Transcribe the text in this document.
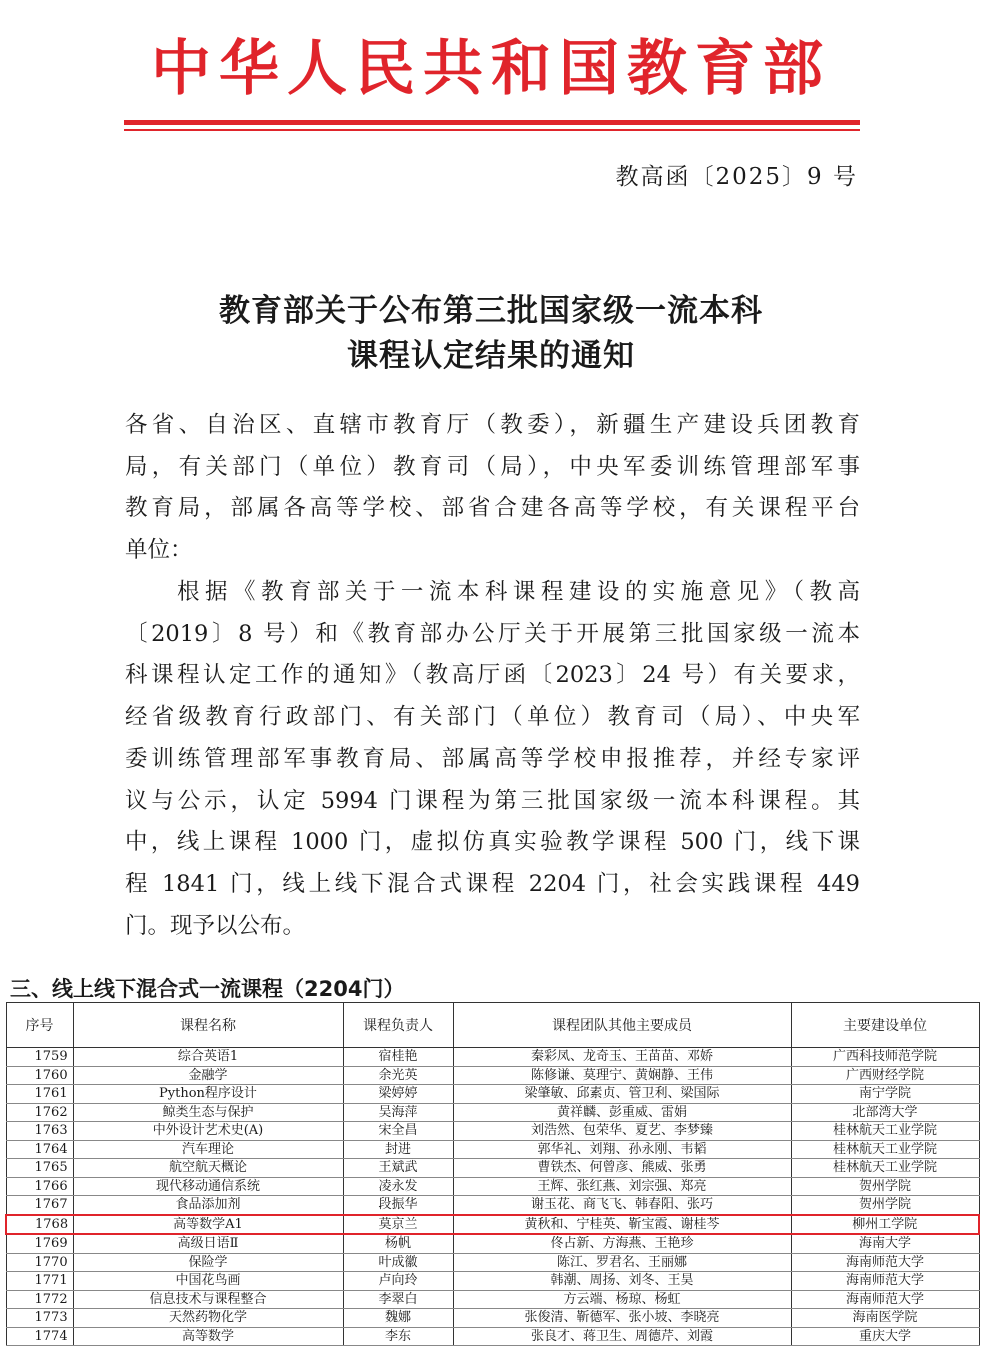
中华人民共和国教育部
教高函〔2025〕9 号
教育部关于公布第三批国家级一流本科
课程认定结果的通知
各省、自治区、直辖市教育厅（教委），新疆生产建设兵团教育
局，有关部门（单位）教育司（局），中央军委训练管理部军事
教育局，部属各高等学校、部省合建各高等学校，有关课程平台
单位：
根据《教育部关于一流本科课程建设的实施意见》（教高
〔2019〕8 号）和《教育部办公厅关于开展第三批国家级一流本
科课程认定工作的通知》（教高厅函〔2023〕24 号）有关要求，
经省级教育行政部门、有关部门（单位）教育司（局）、中央军
委训练管理部军事教育局、部属高等学校申报推荐，并经专家评
议与公示，认定 5994 门课程为第三批国家级一流本科课程。其
中，线上课程 1000 门，虚拟仿真实验教学课程 500 门，线下课
程 1841 门，线上线下混合式课程 2204 门，社会实践课程 449
门。现予以公布。
三、线上线下混合式一流课程（2204门）
序号	课程名称	课程负责人	课程团队其他主要成员	主要建设单位
1759	综合英语1	宿桂艳	秦彩凤、龙奇玉、王苗苗、邓娇	广西科技师范学院
1760	金融学	余光英	陈修谦、莫理宁、黄娴静、王伟	广西财经学院
1761	Python程序设计	梁婷婷	梁肇敏、邱素贞、管卫利、梁国际	南宁学院
1762	鲸类生态与保护	吴海萍	黄祥麟、彭重威、雷娟	北部湾大学
1763	中外设计艺术史(A)	宋全昌	刘浩然、包荣华、夏艺、李梦臻	桂林航天工业学院
1764	汽车理论	封进	郭华礼、刘翔、孙永刚、韦韬	桂林航天工业学院
1765	航空航天概论	王斌武	曹铁杰、何曾彦、熊威、张勇	桂林航天工业学院
1766	现代移动通信系统	凌永发	王辉、张红燕、刘宗强、郑亮	贺州学院
1767	食品添加剂	段振华	谢玉花、商飞飞、韩春阳、张巧	贺州学院
1768	高等数学A1	莫京兰	黄秋和、宁桂英、靳宝霞、谢桂芩	柳州工学院
1769	高级日语Ⅱ	杨帆	佟占新、方海燕、王艳珍	海南大学
1770	保险学	叶成徽	陈江、罗君名、王丽娜	海南师范大学
1771	中国花鸟画	卢向玲	韩潮、周扬、刘冬、王昊	海南师范大学
1772	信息技术与课程整合	李翠白	方云端、杨琼、杨虹	海南师范大学
1773	天然药物化学	魏娜	张俊清、靳德军、张小坡、李晓亮	海南医学院
1774	高等数学	李东	张良才、蒋卫生、周德芹、刘霞	重庆大学
